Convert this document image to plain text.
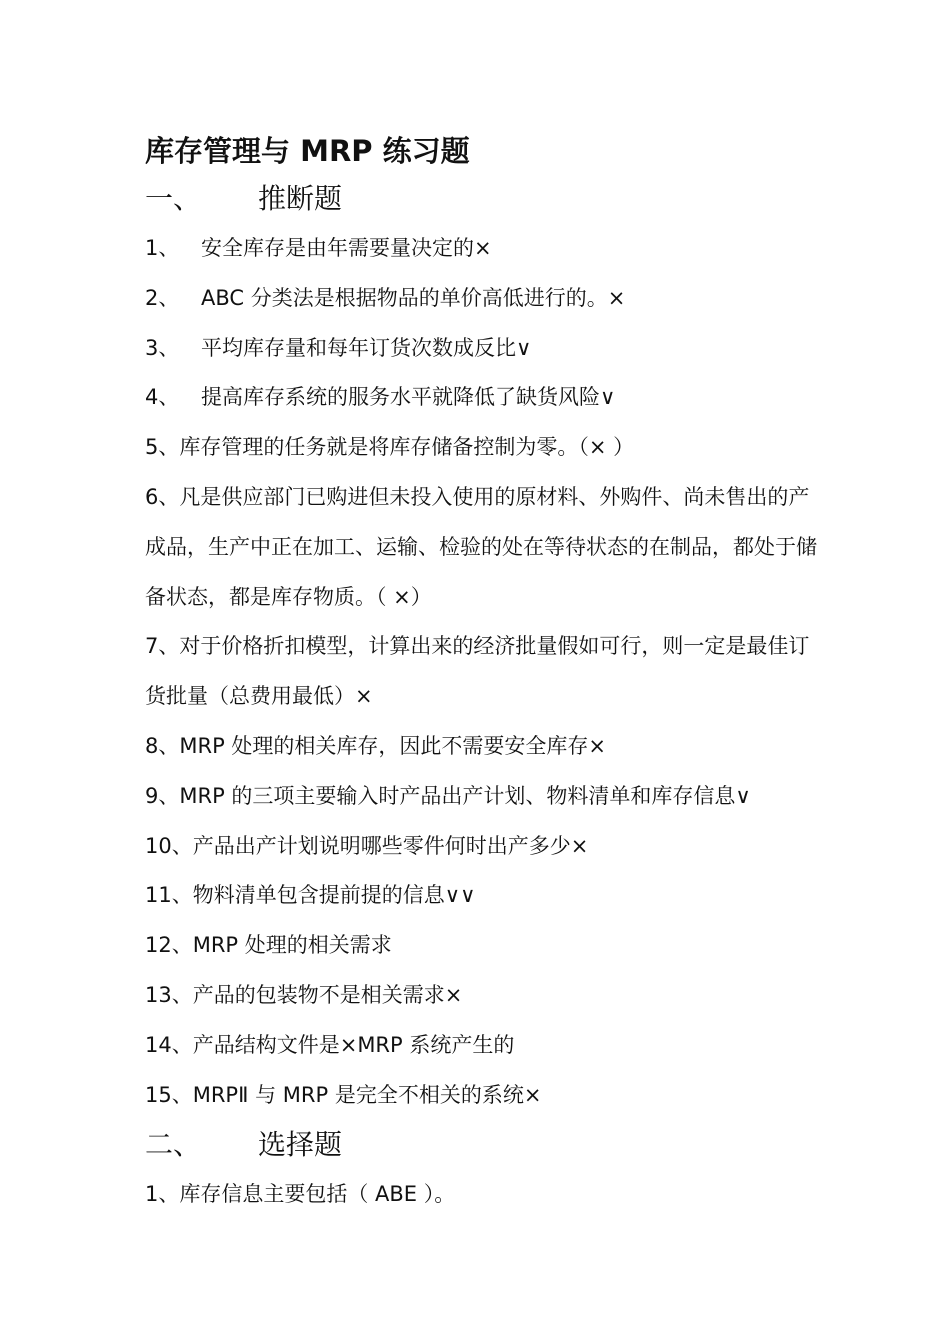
库存管理与 MRP 练习题
一、	推断题
1、 安全库存是由年需要量决定的×
2、 ABC 分类法是根据物品的单价高低进行的。×
3、 平均库存量和每年订货次数成反比∨
4、 提高库存系统的服务水平就降低了缺货风险∨
5、库存管理的任务就是将库存储备控制为零。（× ）
6、凡是供应部门已购进但未投入使用的原材料、外购件、尚未售出的产成品，生产中正在加工、运输、检验的处在等待状态的在制品，都处于储备状态，都是库存物质。（ ×）
7、对于价格折扣模型，计算出来的经济批量假如可行，则一定是最佳订货批量（总费用最低）×
8、MRP 处理的相关库存，因此不需要安全库存×
9、MRP 的三项主要输入时产品出产计划、物料清单和库存信息∨
10、产品出产计划说明哪些零件何时出产多少×
11、物料清单包含提前提的信息∨∨
12、MRP 处理的相关需求
13、产品的包装物不是相关需求×
14、产品结构文件是×MRP 系统产生的
15、MRPⅡ 与 MRP 是完全不相关的系统×
二、	选择题
1、库存信息主要包括（ ABE ）。
